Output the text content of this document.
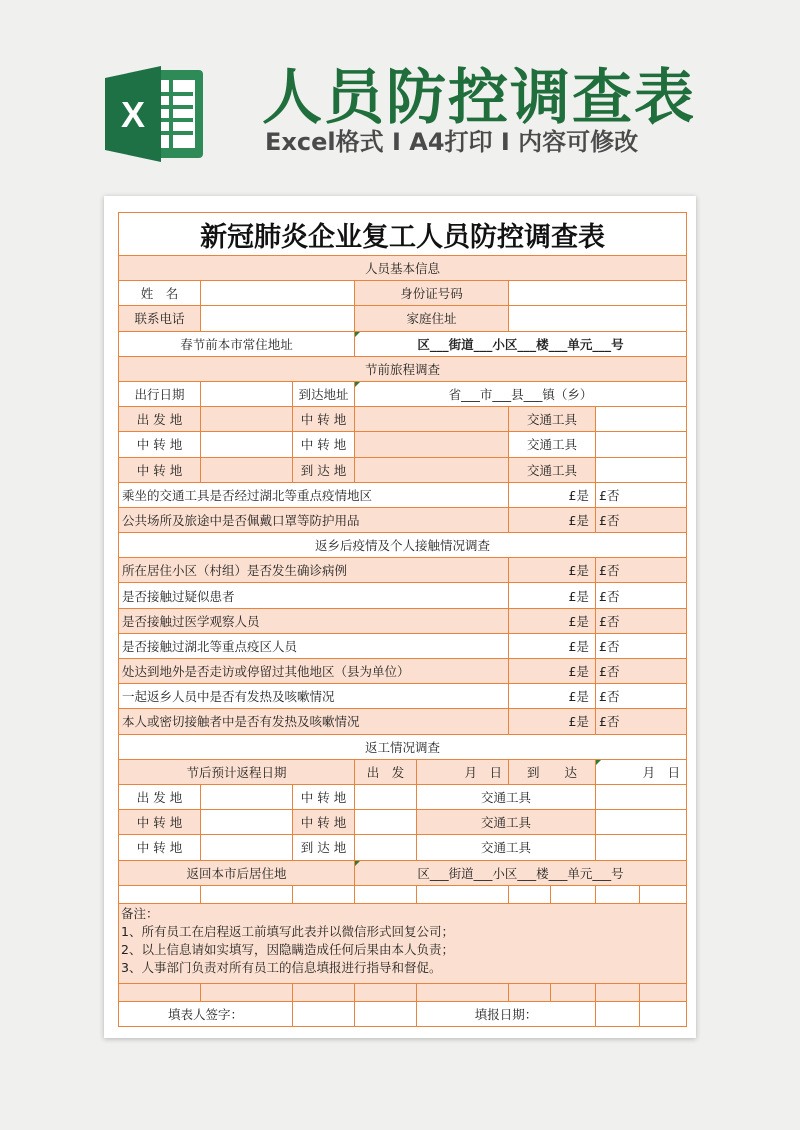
X 人员防控调查表
Excel格式 I A4打印 I 内容可修改
新冠肺炎企业复工人员防控调查表								
人员基本信息								
姓　名			身份证号码					
联系电话			家庭住址					
春节前本市常住地址			区___街道___小区___楼___单元___号					
节前旅程调查								
出行日期		到达地址	省___市___县___镇（乡）					
出 发 地		中 转 地			交通工具			
中 转 地		中 转 地			交通工具			
中 转 地		到 达 地			交通工具			
乘坐的交通工具是否经过湖北等重点疫情地区					£是		£否	
公共场所及旅途中是否佩戴口罩等防护用品					£是		£否	
返乡后疫情及个人接触情况调查								
所在居住小区（村组）是否发生确诊病例					£是		£否	
是否接触过疑似患者					£是		£否	
是否接触过医学观察人员					£是		£否	
是否接触过湖北等重点疫区人员					£是		£否	
处达到地外是否走访或停留过其他地区（县为单位）					£是		£否	
一起返乡人员中是否有发热及咳嗽情况					£是		£否	
本人或密切接触者中是否有发热及咳嗽情况					£是		£否	
返工情况调查								
节后预计返程日期			出　发	月　日	到　　达		月　日	
出 发 地		中 转 地		交通工具				
中 转 地		中 转 地		交通工具				
中 转 地		到 达 地		交通工具				
返回本市后居住地			区___街道___小区___楼___单元___号					

备注：								
1、所有员工在启程返工前填写此表并以微信形式回复公司；								
2、以上信息请如实填写，因隐瞒造成任何后果由本人负责；								
3、人事部门负责对所有员工的信息填报进行指导和督促。								

填表人签字：				填报日期：				
